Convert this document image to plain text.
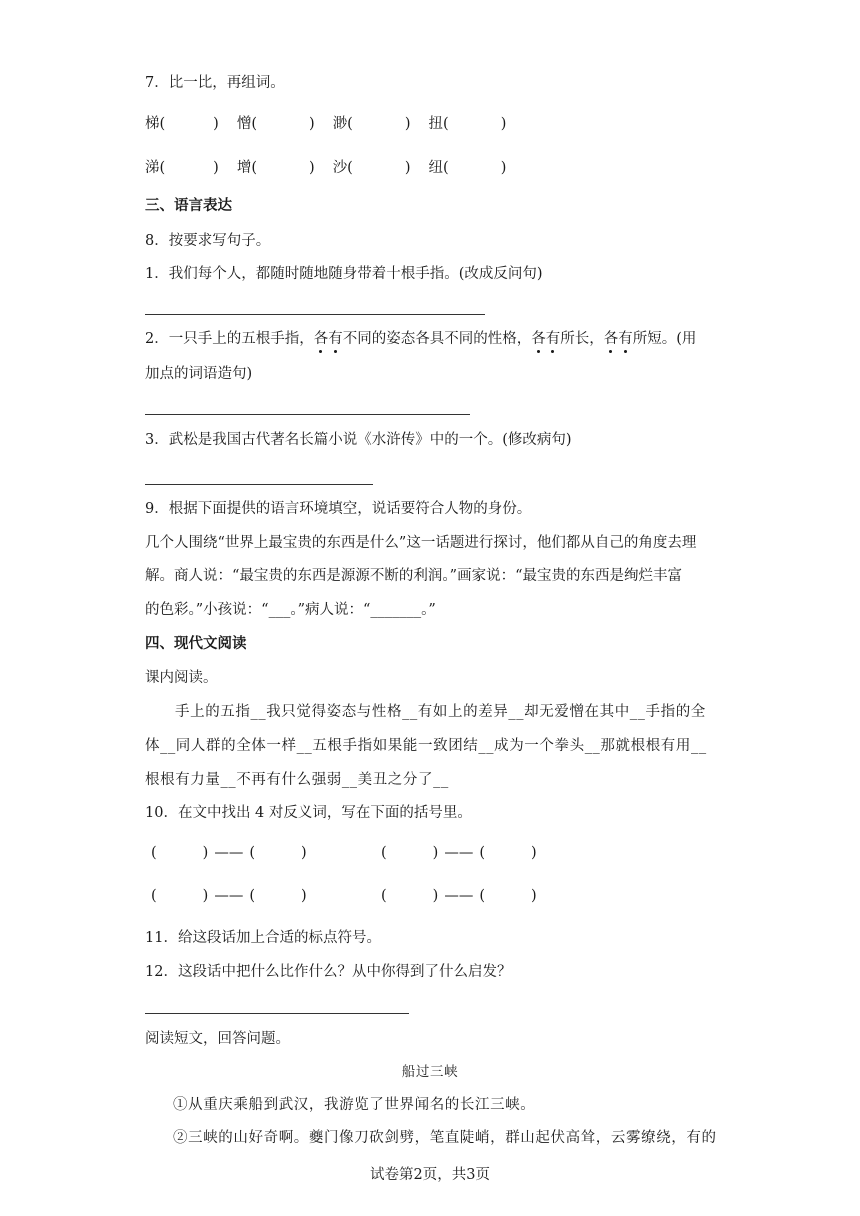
7．比一比，再组词。
梯(	) 憎(	) 渺(	) 扭(	)
涕(	) 增(	) 沙(	) 纽(	)
三、语言表达
8．按要求写句子。
1．我们每个人，都随时随地随身带着十根手指。(改成反问句)
2．一只手上的五根手指，各有不同的姿态各具不同的性格，各有所长，各有所短。(用
加点的词语造句)
3．武松是我国古代著名长篇小说《水浒传》中的一个。(修改病句)
9．根据下面提供的语言环境填空，说话要符合人物的身份。
几个人围绕“世界上最宝贵的东西是什么”这一话题进行探讨，他们都从自己的角度去理
解。商人说：“最宝贵的东西是源源不断的利润。”画家说：“最宝贵的东西是绚烂丰富
的色彩。”小孩说：“___。”病人说：“_______。”
四、现代文阅读
课内阅读。
手上的五指__我只觉得姿态与性格__有如上的差异__却无爱憎在其中__手指的全
体__同人群的全体一样__五根手指如果能一致团结__成为一个拳头__那就根根有用__
根根有力量__不再有什么强弱__美丑之分了__
10．在文中找出 4 对反义词，写在下面的括号里。
(	) —— (	)	(	) —— (	)
(	) —— (	)	(	) —— (	)
11．给这段话加上合适的标点符号。
12．这段话中把什么比作什么？从中你得到了什么启发？
阅读短文，回答问题。
船过三峡
①从重庆乘船到武汉，我游览了世界闻名的长江三峡。
②三峡的山好奇啊。夔门像刀砍剑劈，笔直陡峭，群山起伏高耸，云雾缭绕，有的
试卷第2页，共3页
